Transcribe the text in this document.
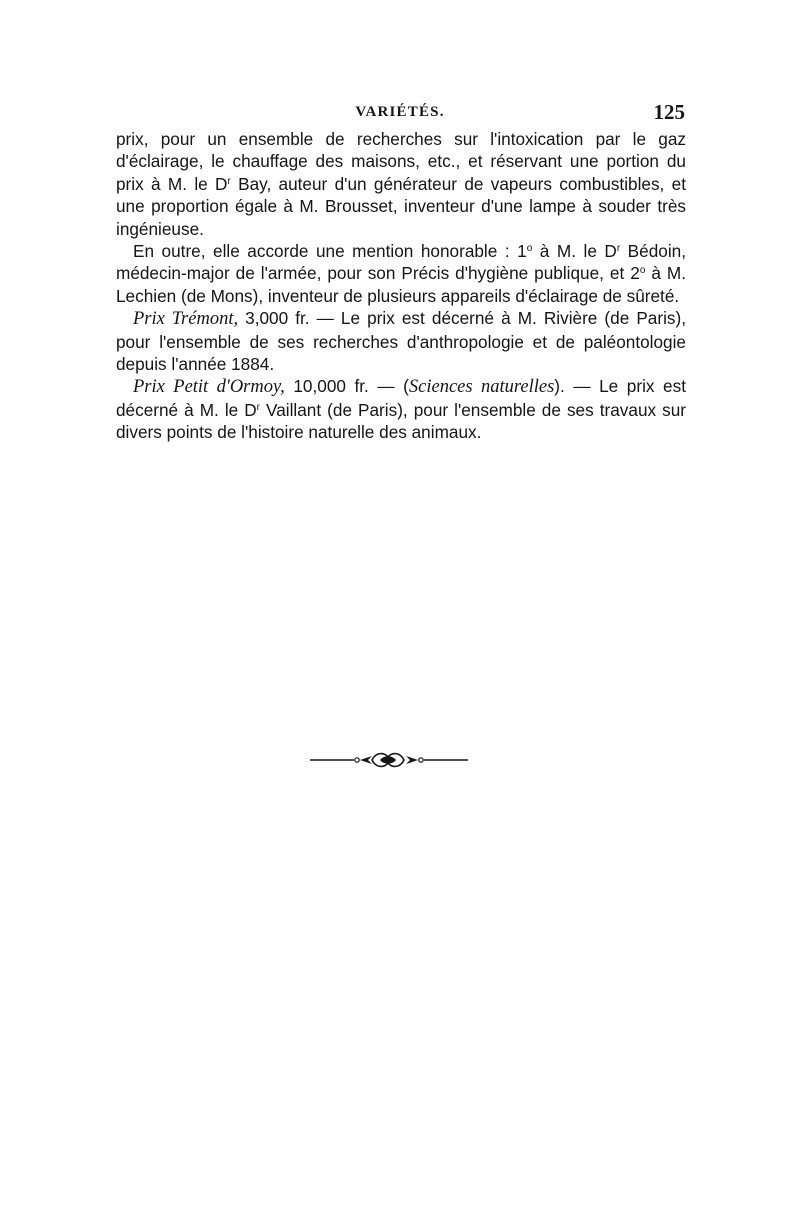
VARIÉTÉS.	125

prix, pour un ensemble de recherches sur l'intoxication par le gaz d'éclairage, le chauffage des maisons, etc., et réservant une portion du prix à M. le $D^r$ Bay, auteur d'un générateur de vapeurs combustibles, et une proportion égale à M. Brousset, inventeur d'une lampe à souder très ingénieuse.

En outre, elle accorde une mention honorable : 1$^o$ à M. le $D^r$ Bédoin, médecin-major de l'armée, pour son Précis d'hygiène publique, et 2$^o$ à M. Lechien (de Mons), inventeur de plusieurs appareils d'éclairage de sûreté.

Prix Trémont, 3,000 fr. — Le prix est décerné à M. Rivière (de Paris), pour l'ensemble de ses recherches d'anthropologie et de paléontologie depuis l'année 1884.

Prix Petit d'Ormoy, 10,000 fr. — (Sciences naturelles). — Le prix est décerné à M. le $D^r$ Vaillant (de Paris), pour l'ensemble de ses travaux sur divers points de l'histoire naturelle des animaux.
